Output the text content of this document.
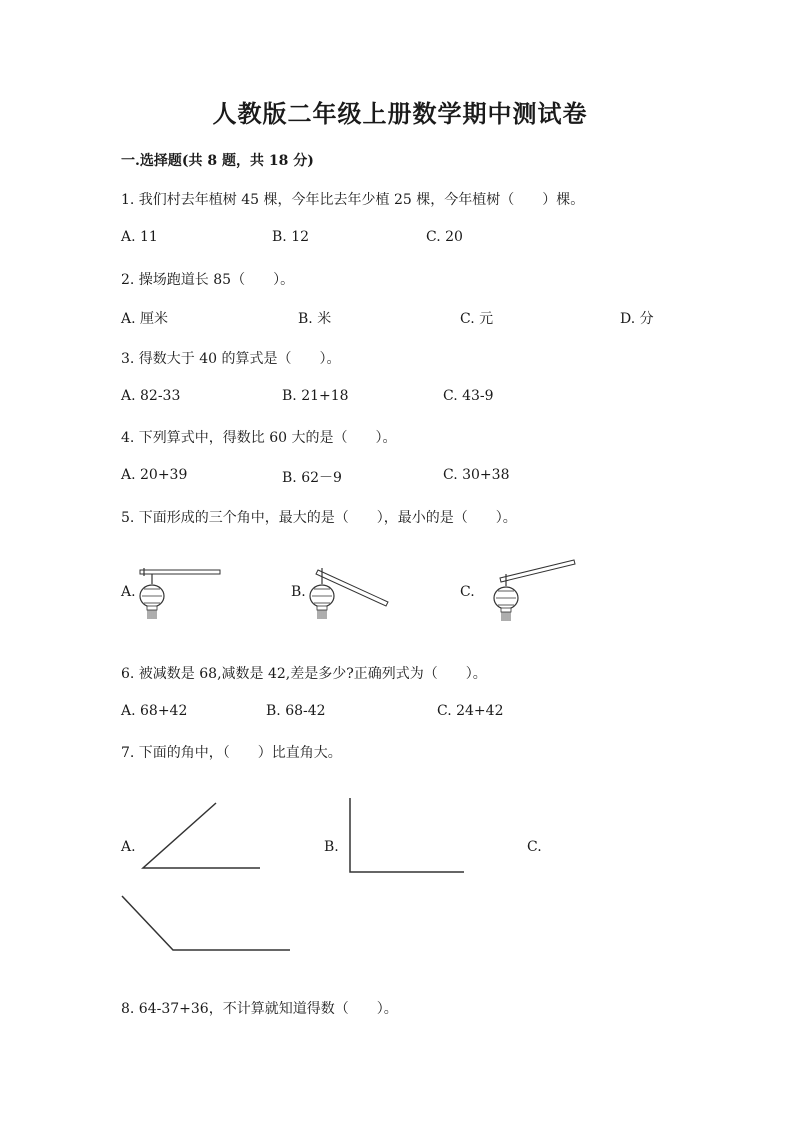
人教版二年级上册数学期中测试卷
一.选择题(共 8 题，共 18 分)
1. 我们村去年植树 45 棵，今年比去年少植 25 棵，今年植树（　　）棵。
A. 11	B. 12	C. 20
2. 操场跑道长 85（　　）。
A. 厘米	B. 米	C. 元	D. 分
3. 得数大于 40 的算式是（　　）。
A. 82-33	B. 21+18	C. 43-9
4. 下列算式中，得数比 60 大的是（　　）。
A. 20+39	B. 62－9	C. 30+38
5. 下面形成的三个角中，最大的是（　　），最小的是（　　）。
A.	B.	C.
6. 被减数是 68,减数是 42,差是多少?正确列式为（　　）。
A. 68+42	B. 68-42	C. 24+42
7. 下面的角中，（　　）比直角大。
A.	B.	C.
8. 64-37+36，不计算就知道得数（　　）。
